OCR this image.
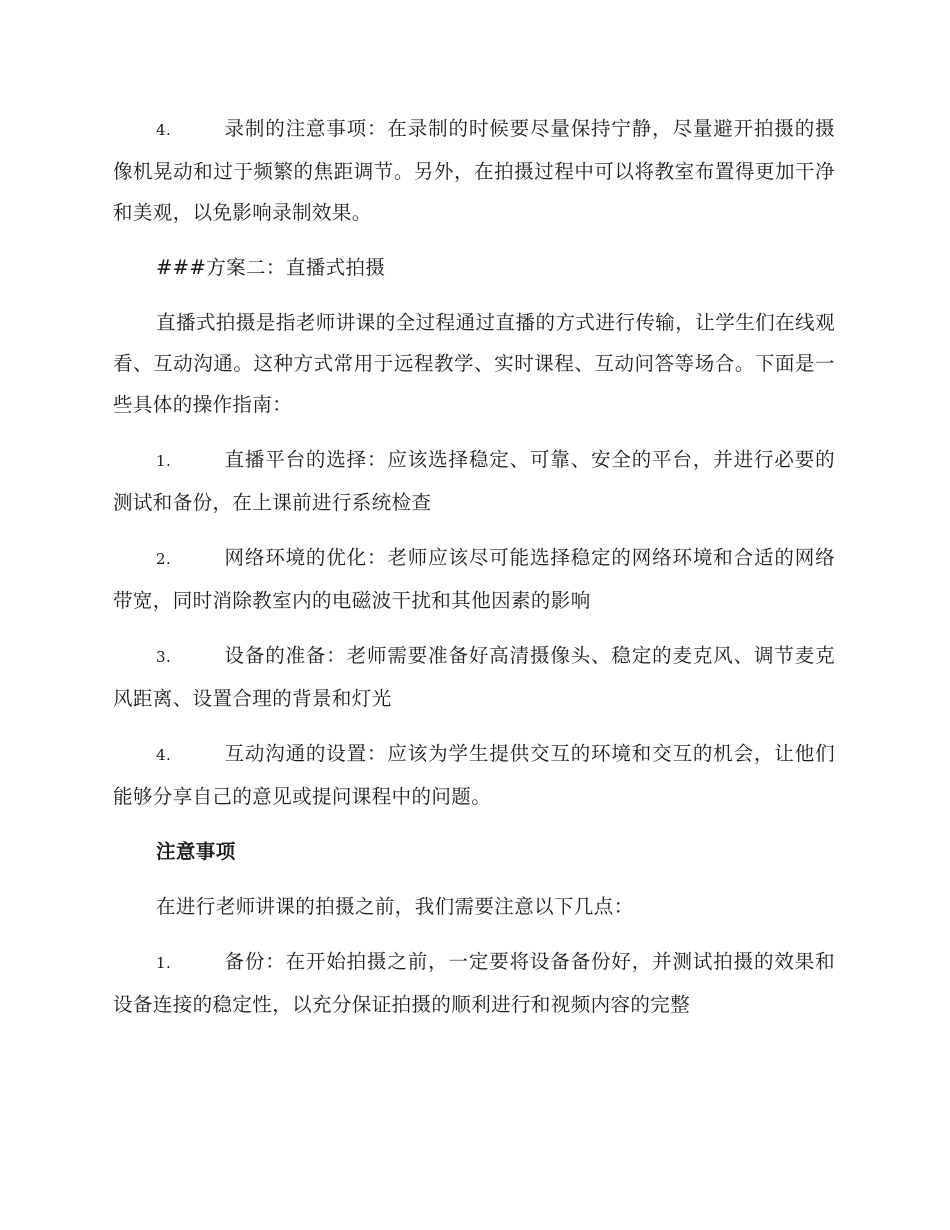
4.	录制的注意事项：在录制的时候要尽量保持宁静，尽量避开拍摄的摄像机晃动和过于频繁的焦距调节。另外，在拍摄过程中可以将教室布置得更加干净和美观，以免影响录制效果。

###方案二：直播式拍摄

直播式拍摄是指老师讲课的全过程通过直播的方式进行传输，让学生们在线观看、互动沟通。这种方式常用于远程教学、实时课程、互动问答等场合。下面是一些具体的操作指南：

1.	直播平台的选择：应该选择稳定、可靠、安全的平台，并进行必要的测试和备份，在上课前进行系统检查

2.	网络环境的优化：老师应该尽可能选择稳定的网络环境和合适的网络带宽，同时消除教室内的电磁波干扰和其他因素的影响

3.	设备的准备：老师需要准备好高清摄像头、稳定的麦克风、调节麦克风距离、设置合理的背景和灯光

4.	互动沟通的设置：应该为学生提供交互的环境和交互的机会，让他们能够分享自己的意见或提问课程中的问题。

注意事项

在进行老师讲课的拍摄之前，我们需要注意以下几点：

1.	备份：在开始拍摄之前，一定要将设备备份好，并测试拍摄的效果和设备连接的稳定性，以充分保证拍摄的顺利进行和视频内容的完整
